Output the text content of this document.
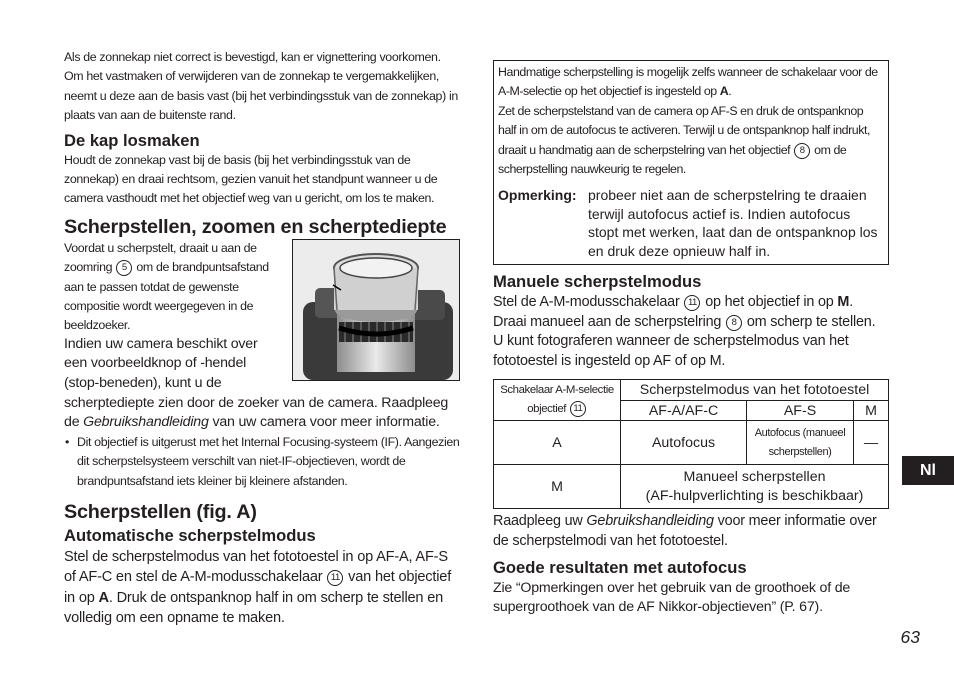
Als de zonnekap niet correct is bevestigd, kan er vignettering voorkomen. Om het vastmaken of verwijderen van de zonnekap te vergemakkelijken, neemt u deze aan de basis vast (bij het verbindingsstuk van de zonnekap) in plaats van aan de buitenste rand.

De kap losmaken

Houdt de zonnekap vast bij de basis (bij het verbindingsstuk van de zonnekap) en draai rechtsom, gezien vanuit het standpunt wanneer u de camera vasthoudt met het objectief weg van u gericht, om los te maken.

Scherpstellen, zoomen en scherptediepte
Voordat u scherpstelt, draait u aan de zoomring 5 om de brandpuntsafstand aan te passen totdat de gewenste compositie wordt weergegeven in de beeldzoeker.

Indien uw camera beschikt over een voorbeeldknop of -hendel (stop-beneden), kunt u de scherptediepte zien door de zoeker van de camera. Raadpleeg de Gebruikshandleiding van uw camera voor meer informatie.

• Dit objectief is uitgerust met het Internal Focusing-systeem (IF). Aangezien dit scherpstelsysteem verschilt van niet-IF-objectieven, wordt de brandpuntsafstand iets kleiner bij kleinere afstanden.
Scherpstellen (fig. A)
Automatische scherpstelmodus

Stel de scherpstelmodus van het fototoestel in op AF-A, AF-S of AF-C en stel de A-M-modusschakelaar 11 van het objectief in op A. Druk de ontspanknop half in om scherp te stellen en volledig om een opname te maken.

Handmatige scherpstelling is mogelijk zelfs wanneer de schakelaar voor de A-M-selectie op het objectief is ingesteld op A.

Zet de scherpstelstand van de camera op AF-S en druk de ontspanknop half in om de autofocus te activeren. Terwijl u de ontspanknop half indrukt, draait u handmatig aan de scherpstelring van het objectief 8 om de scherpstelling nauwkeurig te regelen.

Opmerking: probeer niet aan de scherpstelring te draaien terwijl autofocus actief is. Indien autofocus stopt met werken, laat dan de ontspanknop los en druk deze opnieuw half in.
Manuele scherpstelmodus

Stel de A-M-modusschakelaar 11 op het objectief in op M. Draai manueel aan de scherpstelring 8 om scherp te stellen. U kunt fotograferen wanneer de scherpstelmodus van het fototoestel is ingesteld op AF of op M.

Schakelaar A-M-selectie objectief 11	Scherpstelmodus van het fototoestel		
	AF-A/AF-C	AF-S	M
A	Autofocus	Autofocus (manueel scherpstellen)	—
M	Manueel scherpstellen
(AF-hulpverlichting is beschikbaar)		

Raadpleeg uw Gebruikshandleiding voor meer informatie over de scherpstelmodi van het fototoestel.

Goede resultaten met autofocus

Zie “Opmerkingen over het gebruik van de groothoek of de supergroothoek van de AF Nikkor-objectieven” (P. 67).

Nl
63
